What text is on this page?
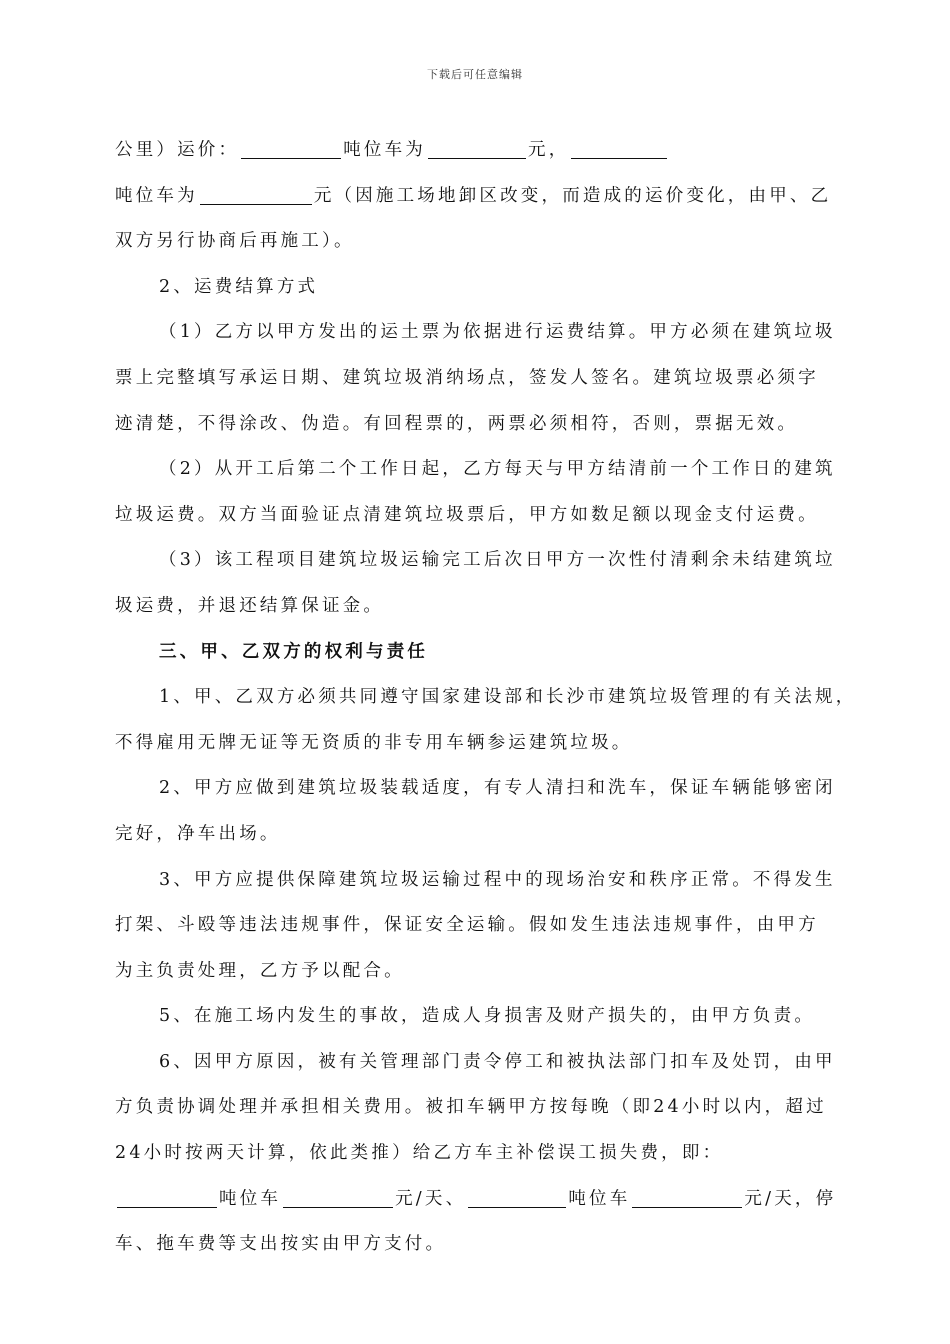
下载后可任意编辑
公里）运价：	吨位车为	元，
吨位车为	元（因施工场地卸区改变，而造成的运价变化，由甲、乙
双方另行协商后再施工）。
2、运费结算方式
（1）乙方以甲方发出的运土票为依据进行运费结算。甲方必须在建筑垃圾
票上完整填写承运日期、建筑垃圾消纳场点，签发人签名。建筑垃圾票必须字
迹清楚，不得涂改、伪造。有回程票的，两票必须相符，否则，票据无效。
（2）从开工后第二个工作日起，乙方每天与甲方结清前一个工作日的建筑
垃圾运费。双方当面验证点清建筑垃圾票后，甲方如数足额以现金支付运费。
（3）该工程项目建筑垃圾运输完工后次日甲方一次性付清剩余未结建筑垃
圾运费，并退还结算保证金。
三、甲、乙双方的权利与责任
1、甲、乙双方必须共同遵守国家建设部和长沙市建筑垃圾管理的有关法规，
不得雇用无牌无证等无资质的非专用车辆参运建筑垃圾。
2、甲方应做到建筑垃圾装载适度，有专人清扫和洗车，保证车辆能够密闭
完好，净车出场。
3、甲方应提供保障建筑垃圾运输过程中的现场治安和秩序正常。不得发生
打架、斗殴等违法违规事件，保证安全运输。假如发生违法违规事件，由甲方
为主负责处理，乙方予以配合。
5、在施工场内发生的事故，造成人身损害及财产损失的，由甲方负责。
6、因甲方原因，被有关管理部门责令停工和被执法部门扣车及处罚，由甲
方负责协调处理并承担相关费用。被扣车辆甲方按每晚（即24小时以内，超过
24小时按两天计算，依此类推）给乙方车主补偿误工损失费，即：
吨位车	元/天、	吨位车	元/天，停
车、拖车费等支出按实由甲方支付。
